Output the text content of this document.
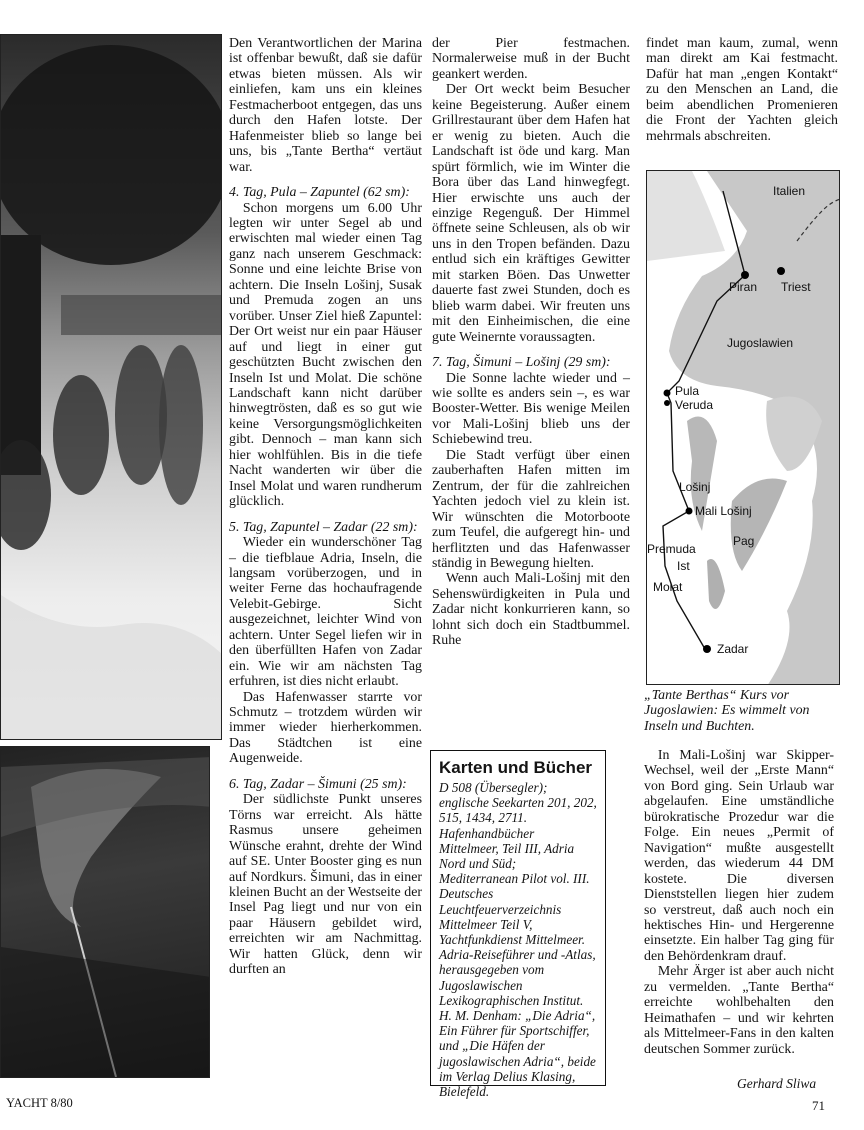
Den Verantwortlichen der Marina ist offenbar bewußt, daß sie dafür etwas bieten müssen. Als wir einliefen, kam uns ein kleines Festmacherboot entgegen, das uns durch den Hafen lotste. Der Hafenmeister blieb so lange bei uns, bis „Tante Bertha“ vertäut war.

4. Tag, Pula – Zapuntel (62 sm):

Schon morgens um 6.00 Uhr legten wir unter Segel ab und erwischten mal wieder einen Tag ganz nach unserem Geschmack: Sonne und eine leichte Brise von achtern. Die Inseln Lošinj, Susak und Premuda zogen an uns vorüber. Unser Ziel hieß Zapuntel: Der Ort weist nur ein paar Häuser auf und liegt in einer gut geschützten Bucht zwischen den Inseln Ist und Molat. Die schöne Landschaft kann nicht darüber hinwegtrösten, daß es so gut wie keine Versorgungsmöglichkeiten gibt. Dennoch – man kann sich hier wohlfühlen. Bis in die tiefe Nacht wanderten wir über die Insel Molat und waren rundherum glücklich.

5. Tag, Zapuntel – Zadar (22 sm):

Wieder ein wunderschöner Tag – die tiefblaue Adria, Inseln, die langsam vorüberzogen, und in weiter Ferne das hochaufragende Velebit-Gebirge. Sicht ausgezeichnet, leichter Wind von achtern. Unter Segel liefen wir in den überfüllten Hafen von Zadar ein. Wie wir am nächsten Tag erfuhren, ist dies nicht erlaubt.

Das Hafenwasser starrte vor Schmutz – trotzdem würden wir immer wieder hierherkommen. Das Städtchen ist eine Augenweide.

6. Tag, Zadar – Šimuni (25 sm):

Der südlichste Punkt unseres Törns war erreicht. Als hätte Rasmus unsere geheimen Wünsche erahnt, drehte der Wind auf SE. Unter Booster ging es nun auf Nordkurs. Šimuni, das in einer kleinen Bucht an der Westseite der Insel Pag liegt und nur von ein paar Häusern gebildet wird, erreichten wir am Nachmittag. Wir hatten Glück, denn wir durften an

der Pier festmachen. Normalerweise muß in der Bucht geankert werden.

Der Ort weckt beim Besucher keine Begeisterung. Außer einem Grillrestaurant über dem Hafen hat er wenig zu bieten. Auch die Landschaft ist öde und karg. Man spürt förmlich, wie im Winter die Bora über das Land hinwegfegt. Hier erwischte uns auch der einzige Regenguß. Der Himmel öffnete seine Schleusen, als ob wir uns in den Tropen befänden. Dazu entlud sich ein kräftiges Gewitter mit starken Böen. Das Unwetter dauerte fast zwei Stunden, doch es blieb warm dabei. Wir freuten uns mit den Einheimischen, die eine gute Weinernte voraussagten.

7. Tag, Šimuni – Lošinj (29 sm):

Die Sonne lachte wieder und – wie sollte es anders sein –, es war Booster-Wetter. Bis wenige Meilen vor Mali-Lošinj blieb uns der Schiebewind treu.

Die Stadt verfügt über einen zauberhaften Hafen mitten im Zentrum, der für die zahlreichen Yachten jedoch viel zu klein ist. Wir wünschten die Motorboote zum Teufel, die aufgeregt hin- und herflitzten und das Hafenwasser ständig in Bewegung hielten.

Wenn auch Mali-Lošinj mit den Sehenswürdigkeiten in Pula und Zadar nicht konkurrieren kann, so lohnt sich doch ein Stadtbummel. Ruhe

findet man kaum, zumal, wenn man direkt am Kai festmacht. Dafür hat man „engen Kontakt“ zu den Menschen an Land, die beim abendlichen Promenieren die Front der Yachten gleich mehrmals abschreiten.

Italien
Piran Triest
Jugoslawien
Pula
Veruda
Lošinj
Mali Lošinj
Premuda
Ist
Pag
Molat
Zadar
„Tante Berthas“ Kurs vor Jugoslawien: Es wimmelt von Inseln und Buchten.
Karten und Bücher
D 508 (Übersegler); englische Seekarten 201, 202, 515, 1434, 2711. Hafenhandbücher Mittelmeer, Teil III, Adria Nord und Süd; Mediterranean Pilot vol. III. Deutsches Leuchtfeuerverzeichnis Mittelmeer Teil V, Yachtfunkdienst Mittelmeer. Adria-Reiseführer und -Atlas, herausgegeben vom Jugoslawischen Lexikographischen Institut. H. M. Denham: „Die Adria“, Ein Führer für Sportschiffer, und „Die Häfen der jugoslawischen Adria“, beide im Verlag Delius Klasing, Bielefeld.

In Mali-Lošinj war Skipper-Wechsel, weil der „Erste Mann“ von Bord ging. Sein Urlaub war abgelaufen. Eine umständliche bürokratische Prozedur war die Folge. Ein neues „Permit of Navigation“ mußte ausgestellt werden, das wiederum 44 DM kostete. Die diversen Dienststellen liegen hier zudem so verstreut, daß auch noch ein hektisches Hin- und Hergerenne einsetzte. Ein halber Tag ging für den Behördenkram drauf.

Mehr Ärger ist aber auch nicht zu vermelden. „Tante Bertha“ erreichte wohlbehalten den Heimathafen – und wir kehrten als Mittelmeer-Fans in den kalten deutschen Sommer zurück.

Gerhard Sliwa
YACHT 8/80	71
